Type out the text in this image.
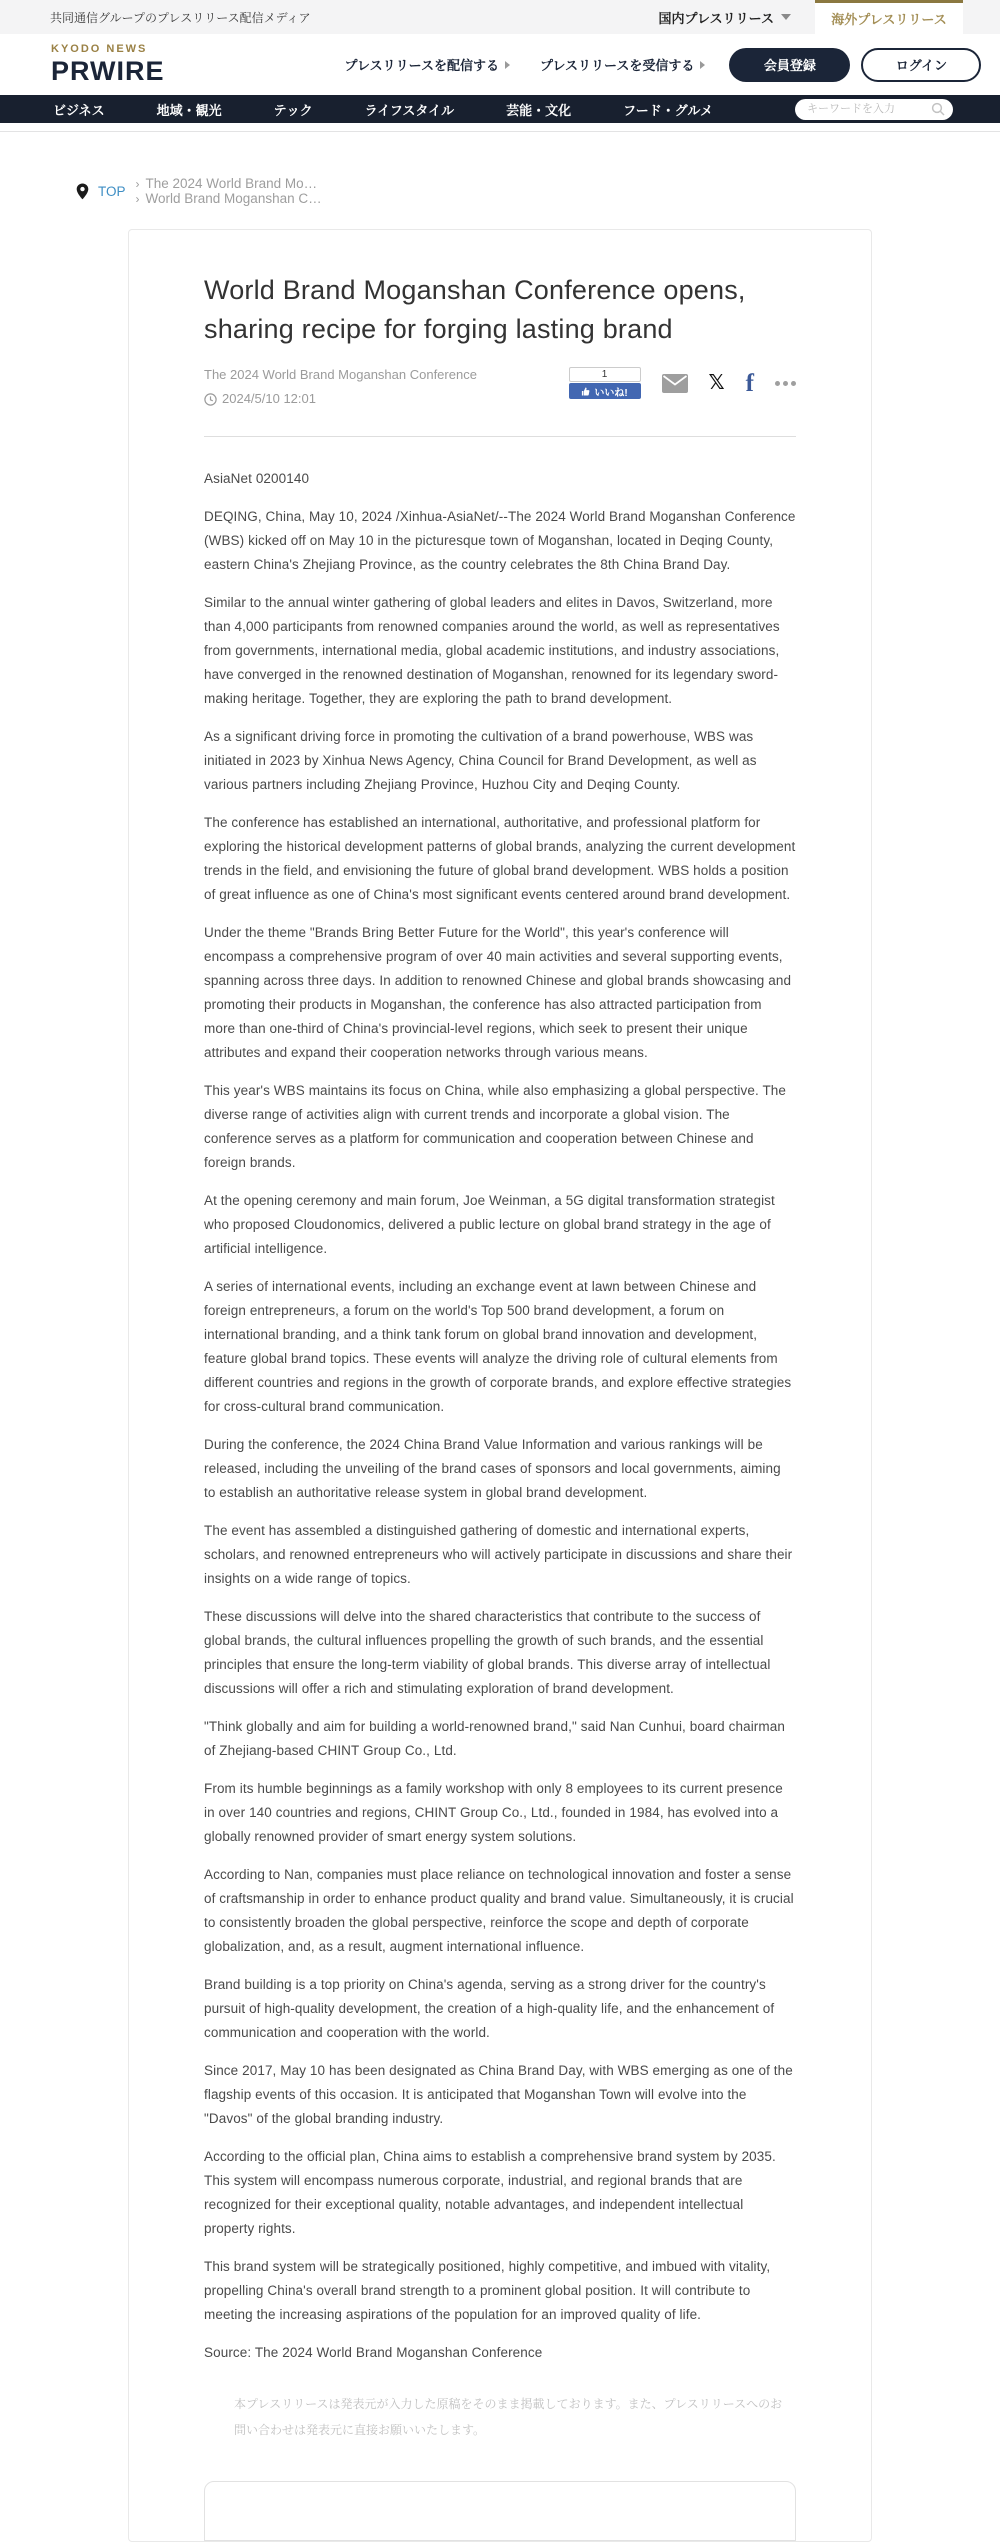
共同通信グループのプレスリリース配信メディア	国内プレスリリース	海外プレスリリース
KYODO NEWS
PRWIRE	プレスリリースを配信する	プレスリリースを受信する	会員登録	ログイン
ビジネス	地域・観光	テック	ライフスタイル	芸能・文化	フード・グルメ
キーワードを入力
TOP › The 2024 World Brand Mo…
› World Brand Moganshan C…
World Brand Moganshan Conference opens, sharing recipe for forging lasting brand
The 2024 World Brand Moganshan Conference
2024/5/10 12:01
1
いいね!	𝕏 f

AsiaNet 0200140

DEQING, China, May 10, 2024 /Xinhua-AsiaNet/--The 2024 World Brand Moganshan Conference (WBS) kicked off on May 10 in the picturesque town of Moganshan, located in Deqing County, eastern China's Zhejiang Province, as the country celebrates the 8th China Brand Day.

Similar to the annual winter gathering of global leaders and elites in Davos, Switzerland, more than 4,000 participants from renowned companies around the world, as well as representatives from governments, international media, global academic institutions, and industry associations, have converged in the renowned destination of Moganshan, renowned for its legendary sword-making heritage. Together, they are exploring the path to brand development.

As a significant driving force in promoting the cultivation of a brand powerhouse, WBS was initiated in 2023 by Xinhua News Agency, China Council for Brand Development, as well as various partners including Zhejiang Province, Huzhou City and Deqing County.

The conference has established an international, authoritative, and professional platform for exploring the historical development patterns of global brands, analyzing the current development trends in the field, and envisioning the future of global brand development. WBS holds a position of great influence as one of China's most significant events centered around brand development.

Under the theme "Brands Bring Better Future for the World", this year's conference will encompass a comprehensive program of over 40 main activities and several supporting events, spanning across three days. In addition to renowned Chinese and global brands showcasing and promoting their products in Moganshan, the conference has also attracted participation from more than one-third of China's provincial-level regions, which seek to present their unique attributes and expand their cooperation networks through various means.

This year's WBS maintains its focus on China, while also emphasizing a global perspective. The diverse range of activities align with current trends and incorporate a global vision. The conference serves as a platform for communication and cooperation between Chinese and foreign brands.

At the opening ceremony and main forum, Joe Weinman, a 5G digital transformation strategist who proposed Cloudonomics, delivered a public lecture on global brand strategy in the age of artificial intelligence.

A series of international events, including an exchange event at lawn between Chinese and foreign entrepreneurs, a forum on the world's Top 500 brand development, a forum on international branding, and a think tank forum on global brand innovation and development, feature global brand topics. These events will analyze the driving role of cultural elements from different countries and regions in the growth of corporate brands, and explore effective strategies for cross-cultural brand communication.

During the conference, the 2024 China Brand Value Information and various rankings will be released, including the unveiling of the brand cases of sponsors and local governments, aiming to establish an authoritative release system in global brand development.

The event has assembled a distinguished gathering of domestic and international experts, scholars, and renowned entrepreneurs who will actively participate in discussions and share their insights on a wide range of topics.

These discussions will delve into the shared characteristics that contribute to the success of global brands, the cultural influences propelling the growth of such brands, and the essential principles that ensure the long-term viability of global brands. This diverse array of intellectual discussions will offer a rich and stimulating exploration of brand development.

"Think globally and aim for building a world-renowned brand," said Nan Cunhui, board chairman of Zhejiang-based CHINT Group Co., Ltd.

From its humble beginnings as a family workshop with only 8 employees to its current presence in over 140 countries and regions, CHINT Group Co., Ltd., founded in 1984, has evolved into a globally renowned provider of smart energy system solutions.

According to Nan, companies must place reliance on technological innovation and foster a sense of craftsmanship in order to enhance product quality and brand value. Simultaneously, it is crucial to consistently broaden the global perspective, reinforce the scope and depth of corporate globalization, and, as a result, augment international influence.

Brand building is a top priority on China's agenda, serving as a strong driver for the country's pursuit of high-quality development, the creation of a high-quality life, and the enhancement of communication and cooperation with the world.

Since 2017, May 10 has been designated as China Brand Day, with WBS emerging as one of the flagship events of this occasion. It is anticipated that Moganshan Town will evolve into the "Davos" of the global branding industry.

According to the official plan, China aims to establish a comprehensive brand system by 2035. This system will encompass numerous corporate, industrial, and regional brands that are recognized for their exceptional quality, notable advantages, and independent intellectual property rights.

This brand system will be strategically positioned, highly competitive, and imbued with vitality, propelling China's overall brand strength to a prominent global position. It will contribute to meeting the increasing aspirations of the population for an improved quality of life.

Source: The 2024 World Brand Moganshan Conference

本プレスリリースは発表元が入力した原稿をそのまま掲載しております。また、プレスリリースへのお問い合わせは発表元に直接お願いいたします。
